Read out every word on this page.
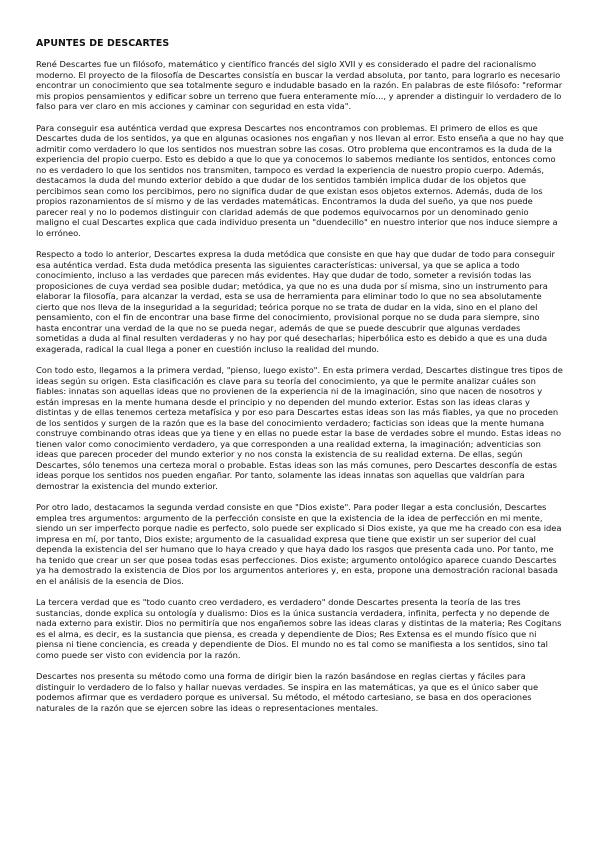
APUNTES DE DESCARTES

René Descartes fue un filósofo, matemático y científico francés del siglo XVII y es considerado el padre del racionalismo moderno. El proyecto de la filosofía de Descartes consistía en buscar la verdad absoluta, por tanto, para lograrlo es necesario encontrar un conocimiento que sea totalmente seguro e indudable basado en la razón. En palabras de este filósofo: "reformar mis propios pensamientos y edificar sobre un terreno que fuera enteramente mío..., y aprender a distinguir lo verdadero de lo falso para ver claro en mis acciones y caminar con seguridad en esta vida".

Para conseguir esa auténtica verdad que expresa Descartes nos encontramos con problemas. El primero de ellos es que Descartes duda de los sentidos, ya que en algunas ocasiones nos engañan y nos llevan al error. Esto enseña a que no hay que admitir como verdadero lo que los sentidos nos muestran sobre las cosas. Otro problema que encontramos es la duda de la experiencia del propio cuerpo. Esto es debido a que lo que ya conocemos lo sabemos mediante los sentidos, entonces como no es verdadero lo que los sentidos nos transmiten, tampoco es verdad la experiencia de nuestro propio cuerpo. Además, destacamos la duda del mundo exterior debido a que dudar de los sentidos también implica dudar de los objetos que percibimos sean como los percibimos, pero no significa dudar de que existan esos objetos externos. Además, duda de los propios razonamientos de sí mismo y de las verdades matemáticas. Encontramos la duda del sueño, ya que nos puede parecer real y no lo podemos distinguir con claridad además de que podemos equivocarnos por un denominado genio maligno el cual Descartes explica que cada individuo presenta un "duendecillo" en nuestro interior que nos induce siempre a lo erróneo.

Respecto a todo lo anterior, Descartes expresa la duda metódica que consiste en que hay que dudar de todo para conseguir esa auténtica verdad. Esta duda metódica presenta las siguientes características: universal, ya que se aplica a todo conocimiento, incluso a las verdades que parecen más evidentes. Hay que dudar de todo, someter a revisión todas las proposiciones de cuya verdad sea posible dudar; metódica, ya que no es una duda por sí misma, sino un instrumento para elaborar la filosofía, para alcanzar la verdad, esta se usa de herramienta para eliminar todo lo que no sea absolutamente cierto que nos lleva de la inseguridad a la seguridad; teórica porque no se trata de dudar en la vida, sino en el plano del pensamiento, con el fin de encontrar una base firme del conocimiento, provisional porque no se duda para siempre, sino hasta encontrar una verdad de la que no se pueda negar, además de que se puede descubrir que algunas verdades sometidas a duda al final resulten verdaderas y no hay por qué desecharlas; hiperbólica esto es debido a que es una duda exagerada, radical la cual llega a poner en cuestión incluso la realidad del mundo.

Con todo esto, llegamos a la primera verdad, "pienso, luego existo". En esta primera verdad, Descartes distingue tres tipos de ideas según su origen. Esta clasificación es clave para su teoría del conocimiento, ya que le permite analizar cuáles son fiables: innatas son aquellas ideas que no provienen de la experiencia ni de la imaginación, sino que nacen de nosotros y están impresas en la mente humana desde el principio y no dependen del mundo exterior. Estas son las ideas claras y distintas y de ellas tenemos certeza metafísica y por eso para Descartes estas ideas son las más fiables, ya que no proceden de los sentidos y surgen de la razón que es la base del conocimiento verdadero; facticias son ideas que la mente humana construye combinando otras ideas que ya tiene y en ellas no puede estar la base de verdades sobre el mundo. Estas ideas no tienen valor como conocimiento verdadero, ya que corresponden a una realidad externa, la imaginación; adventicias son ideas que parecen proceder del mundo exterior y no nos consta la existencia de su realidad externa. De ellas, según Descartes, sólo tenemos una certeza moral o probable. Estas ideas son las más comunes, pero Descartes desconfía de estas ideas porque los sentidos nos pueden engañar. Por tanto, solamente las ideas innatas son aquellas que valdrían para demostrar la existencia del mundo exterior.

Por otro lado, destacamos la segunda verdad consiste en que "Dios existe". Para poder llegar a esta conclusión, Descartes emplea tres argumentos: argumento de la perfección consiste en que la existencia de la idea de perfección en mi mente, siendo un ser imperfecto porque nadie es perfecto, solo puede ser explicado si Dios existe, ya que me ha creado con esa idea impresa en mí, por tanto, Dios existe; argumento de la casualidad expresa que tiene que existir un ser superior del cual dependa la existencia del ser humano que lo haya creado y que haya dado los rasgos que presenta cada uno. Por tanto, me ha tenido que crear un ser que posea todas esas perfecciones. Dios existe; argumento ontológico aparece cuando Descartes ya ha demostrado la existencia de Dios por los argumentos anteriores y, en esta, propone una demostración racional basada en el análisis de la esencia de Dios.

La tercera verdad que es "todo cuanto creo verdadero, es verdadero" donde Descartes presenta la teoría de las tres sustancias, donde explica su ontología y dualismo: Dios es la única sustancia verdadera, infinita, perfecta y no depende de nada externo para existir. Dios no permitiría que nos engañemos sobre las ideas claras y distintas de la materia; Res Cogitans es el alma, es decir, es la sustancia que piensa, es creada y dependiente de Dios; Res Extensa es el mundo físico que ni piensa ni tiene conciencia, es creada y dependiente de Dios. El mundo no es tal como se manifiesta a los sentidos, sino tal como puede ser visto con evidencia por la razón.

Descartes nos presenta su método como una forma de dirigir bien la razón basándose en reglas ciertas y fáciles para distinguir lo verdadero de lo falso y hallar nuevas verdades. Se inspira en las matemáticas, ya que es el único saber que podemos afirmar que es verdadero porque es universal. Su método, el método cartesiano, se basa en dos operaciones naturales de la razón que se ejercen sobre las ideas o representaciones mentales.
